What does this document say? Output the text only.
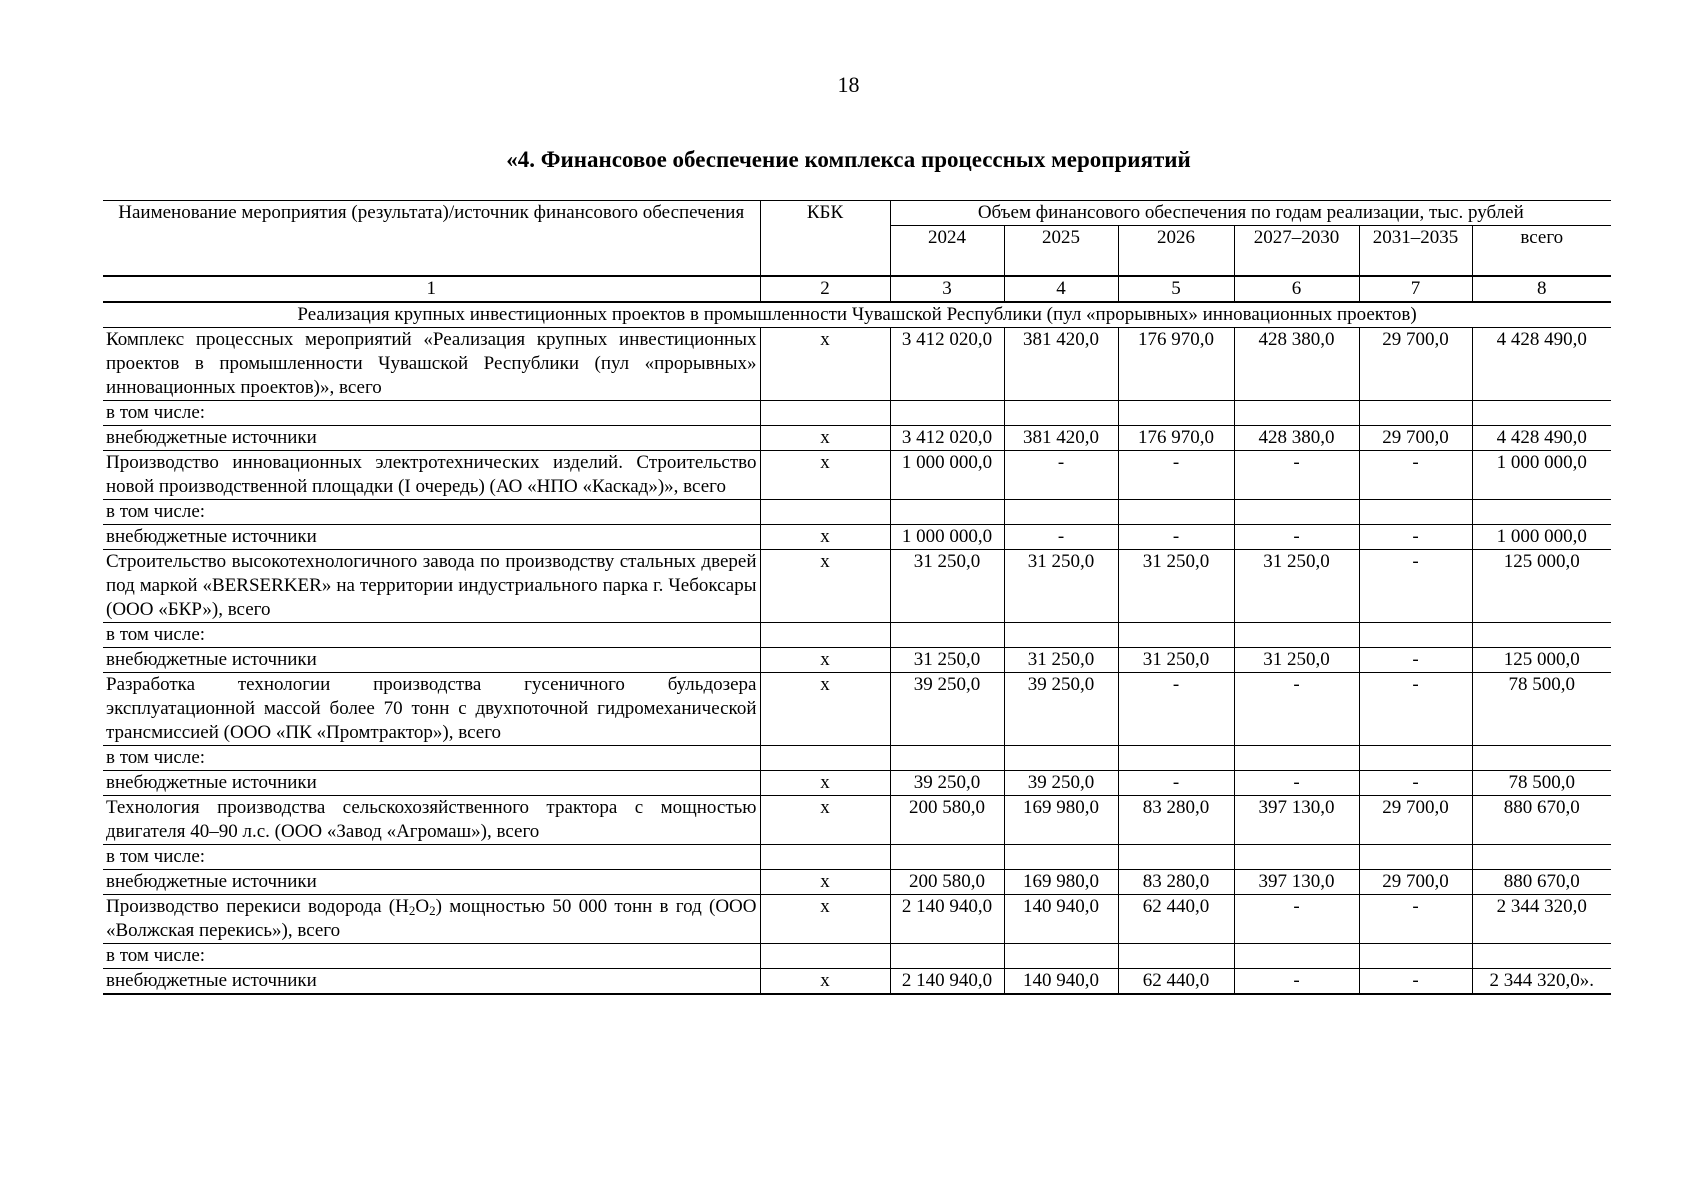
18
«4. Финансовое обеспечение комплекса процессных мероприятий
Наименование мероприятия (результата)/источник финансового обеспечения	КБК	Объем финансового обеспечения по годам реализации, тыс. рублей					
		2024	2025	2026	2027–2030	2031–2035	всего
1	2	3	4	5	6	7	8
Реализация крупных инвестиционных проектов в промышленности Чувашской Республики (пул «прорывных» инновационных проектов)							
Комплекс процессных мероприятий «Реализация крупных инвестиционных проектов в промышленности Чувашской Республики (пул «прорывных» инновационных проектов)», всего	х	3 412 020,0	381 420,0	176 970,0	428 380,0	29 700,0	4 428 490,0
в том числе:							
внебюджетные источники	х	3 412 020,0	381 420,0	176 970,0	428 380,0	29 700,0	4 428 490,0
Производство инновационных электротехнических изделий. Строительство новой производственной площадки (I очередь) (АО «НПО «Каскад»)», всего	х	1 000 000,0	-	-	-	-	1 000 000,0
в том числе:							
внебюджетные источники	х	1 000 000,0	-	-	-	-	1 000 000,0
Строительство высокотехнологичного завода по производству стальных дверей под маркой «BERSERKER» на территории индустриального парка г. Чебоксары (ООО «БКР»), всего	х	31 250,0	31 250,0	31 250,0	31 250,0	-	125 000,0
в том числе:							
внебюджетные источники	х	31 250,0	31 250,0	31 250,0	31 250,0	-	125 000,0
Разработка технологии производства гусеничного бульдозера эксплуатационной массой более 70 тонн с двухпоточной гидромеханической трансмиссией (ООО «ПК «Промтрактор»), всего	х	39 250,0	39 250,0	-	-	-	78 500,0
в том числе:							
внебюджетные источники	х	39 250,0	39 250,0	-	-	-	78 500,0
Технология производства сельскохозяйственного трактора с мощностью двигателя 40–90 л.с. (ООО «Завод «Агромаш»), всего	х	200 580,0	169 980,0	83 280,0	397 130,0	29 700,0	880 670,0
в том числе:							
внебюджетные источники	х	200 580,0	169 980,0	83 280,0	397 130,0	29 700,0	880 670,0
Производство перекиси водорода $(H_2O_2)$ мощностью 50 000 тонн в год (ООО «Волжская перекись»), всего	х	2 140 940,0	140 940,0	62 440,0	-	-	2 344 320,0
в том числе:							
внебюджетные источники	х	2 140 940,0	140 940,0	62 440,0	-	-	2 344 320,0».
